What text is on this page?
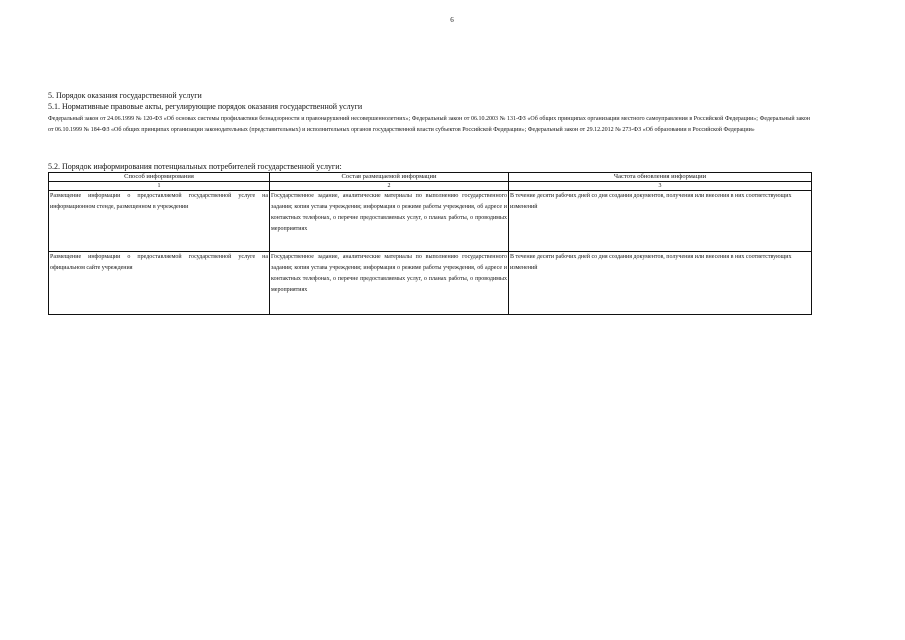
6
5. Порядок оказания государственной услуги
5.1. Нормативные правовые акты, регулирующие порядок оказания государственной услуги
Федеральный закон от 24.06.1999 № 120-ФЗ «Об основах системы профилактики безнадзорности и правонарушений несовершеннолетних»; Федеральный закон от 06.10.2003 № 131-ФЗ «Об общих принципах организации местного самоуправления в Российской Федерации»; Федеральный закон от 06.10.1999 № 184-ФЗ «Об общих принципах организации законодательных (представительных) и исполнительных органов государственной власти субъектов Российской Федерации»; Федеральный закон от 29.12.2012 № 273-ФЗ «Об образовании в Российской Федерации»
5.2. Порядок информирования потенциальных потребителей государственной услуги:
Способ информирования	Состав размещаемой информации	Частота обновления информации
1	2	3
Размещение информации о предоставляемой государственной услуге на информационном стенде, размещенном в учреждении	Государственное задание, аналитические материалы по выполнению государственного задания; копия устава учреждения; информация о режиме работы учреждения, об адресе и контактных телефонах, о перечне предоставляемых услуг, о планах работы, о проводимых мероприятиях	В течение десяти рабочих дней со дня создания документов, получения или внесения в них соответствующих изменений
Размещение информации о предоставляемой государственной услуге на официальном сайте учреждения	Государственное задание, аналитические материалы по выполнению государственного задания; копия устава учреждения; информация о режиме работы учреждения, об адресе и контактных телефонах, о перечне предоставляемых услуг, о планах работы, о проводимых мероприятиях	В течение десяти рабочих дней со дня создания документов, получения или внесения в них соответствующих изменений
